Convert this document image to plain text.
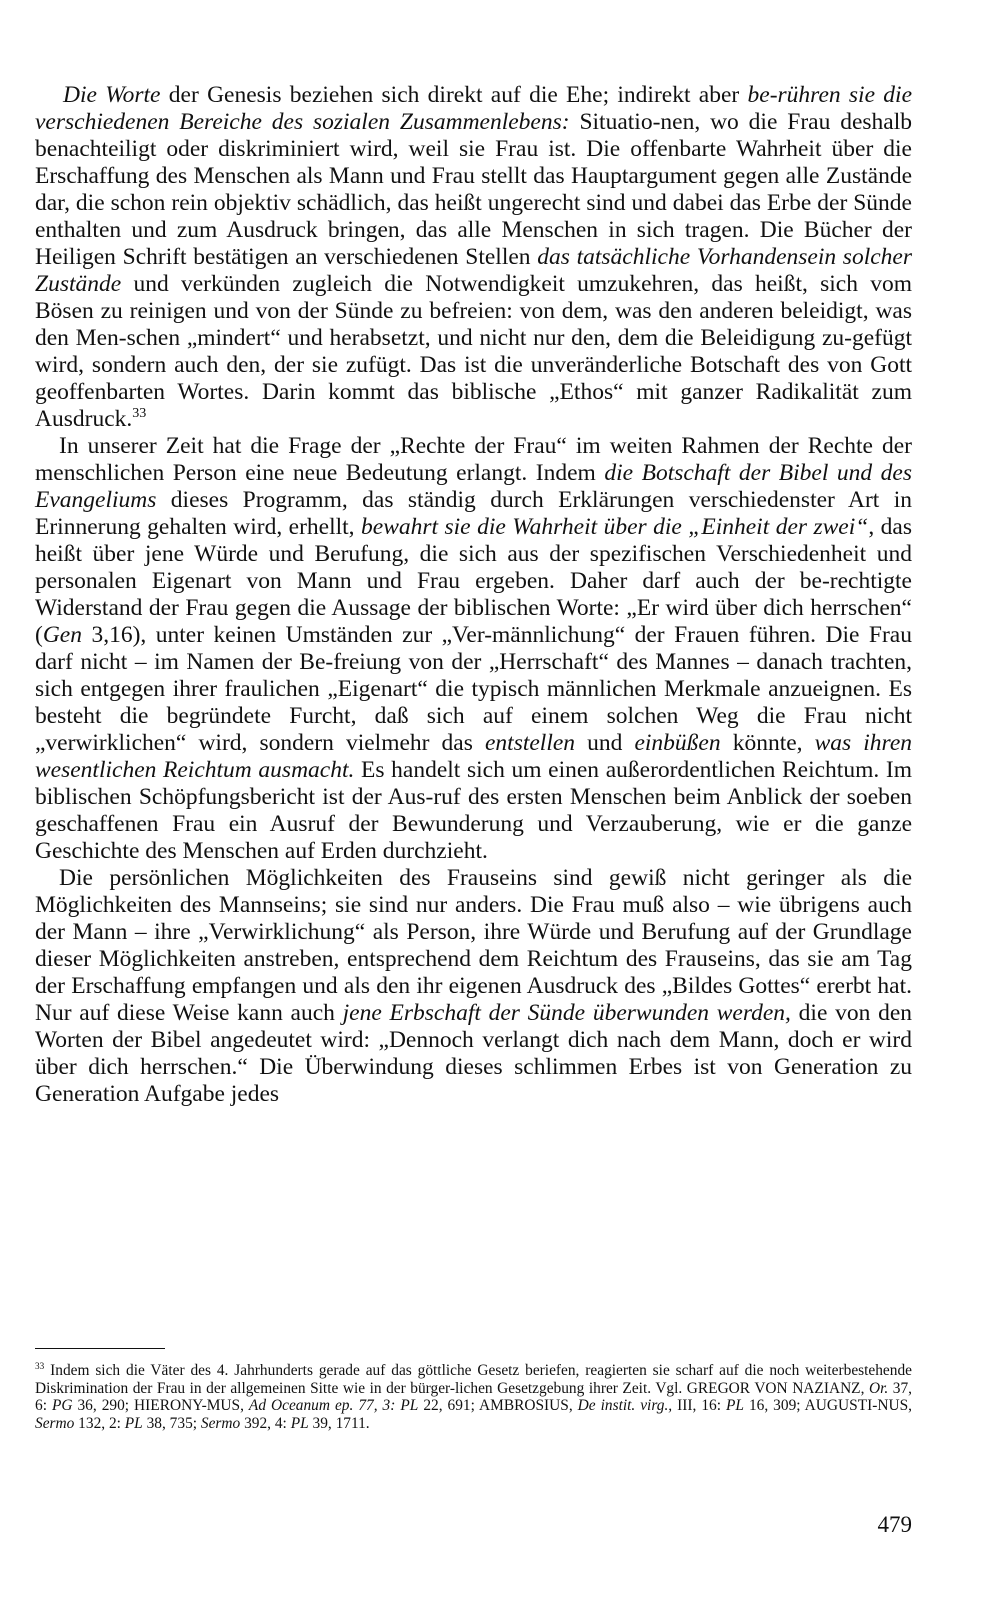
Die Worte der Genesis beziehen sich direkt auf die Ehe; indirekt aber be-rühren sie die verschiedenen Bereiche des sozialen Zusammenlebens: Situatio-nen, wo die Frau deshalb benachteiligt oder diskriminiert wird, weil sie Frau ist. Die offenbarte Wahrheit über die Erschaffung des Menschen als Mann und Frau stellt das Hauptargument gegen alle Zustände dar, die schon rein objektiv schädlich, das heißt ungerecht sind und dabei das Erbe der Sünde enthalten und zum Ausdruck bringen, das alle Menschen in sich tragen. Die Bücher der Heiligen Schrift bestätigen an verschiedenen Stellen das tatsächliche Vorhandensein solcher Zustände und verkünden zugleich die Notwendigkeit umzukehren, das heißt, sich vom Bösen zu reinigen und von der Sünde zu befreien: von dem, was den anderen beleidigt, was den Men-schen „mindert“ und herabsetzt, und nicht nur den, dem die Beleidigung zu-gefügt wird, sondern auch den, der sie zufügt. Das ist die unveränderliche Botschaft des von Gott geoffenbarten Wortes. Darin kommt das biblische „Ethos“ mit ganzer Radikalität zum Ausdruck.$^{33}$

In unserer Zeit hat die Frage der „Rechte der Frau“ im weiten Rahmen der Rechte der menschlichen Person eine neue Bedeutung erlangt. Indem die Botschaft der Bibel und des Evangeliums dieses Programm, das ständig durch Erklärungen verschiedenster Art in Erinnerung gehalten wird, erhellt, bewahrt sie die Wahrheit über die „Einheit der zwei“, das heißt über jene Würde und Berufung, die sich aus der spezifischen Verschiedenheit und personalen Eigenart von Mann und Frau ergeben. Daher darf auch der be-rechtigte Widerstand der Frau gegen die Aussage der biblischen Worte: „Er wird über dich herrschen“ (Gen 3,16), unter keinen Umständen zur „Ver-männlichung“ der Frauen führen. Die Frau darf nicht – im Namen der Be-freiung von der „Herrschaft“ des Mannes – danach trachten, sich entgegen ihrer fraulichen „Eigenart“ die typisch männlichen Merkmale anzueignen. Es besteht die begründete Furcht, daß sich auf einem solchen Weg die Frau nicht „verwirklichen“ wird, sondern vielmehr das entstellen und einbüßen könnte, was ihren wesentlichen Reichtum ausmacht. Es handelt sich um einen außerordentlichen Reichtum. Im biblischen Schöpfungsbericht ist der Aus-ruf des ersten Menschen beim Anblick der soeben geschaffenen Frau ein Ausruf der Bewunderung und Verzauberung, wie er die ganze Geschichte des Menschen auf Erden durchzieht.

Die persönlichen Möglichkeiten des Frauseins sind gewiß nicht geringer als die Möglichkeiten des Mannseins; sie sind nur anders. Die Frau muß also – wie übrigens auch der Mann – ihre „Verwirklichung“ als Person, ihre Würde und Berufung auf der Grundlage dieser Möglichkeiten anstreben, entsprechend dem Reichtum des Frauseins, das sie am Tag der Erschaffung empfangen und als den ihr eigenen Ausdruck des „Bildes Gottes“ ererbt hat. Nur auf diese Weise kann auch jene Erbschaft der Sünde überwunden werden, die von den Worten der Bibel angedeutet wird: „Dennoch verlangt dich nach dem Mann, doch er wird über dich herrschen.“ Die Überwindung dieses schlimmen Erbes ist von Generation zu Generation Aufgabe jedes

$^{33}$ Indem sich die Väter des 4. Jahrhunderts gerade auf das göttliche Gesetz beriefen, reagierten sie scharf auf die noch weiterbestehende Diskrimination der Frau in der allgemeinen Sitte wie in der bürger-lichen Gesetzgebung ihrer Zeit. Vgl. GREGOR VON NAZIANZ, Or. 37, 6: PG 36, 290; HIERONY-MUS, Ad Oceanum ep. 77, 3: PL 22, 691; AMBROSIUS, De instit. virg., III, 16: PL 16, 309; AUGUSTI-NUS, Sermo 132, 2: PL 38, 735; Sermo 392, 4: PL 39, 1711.

479
